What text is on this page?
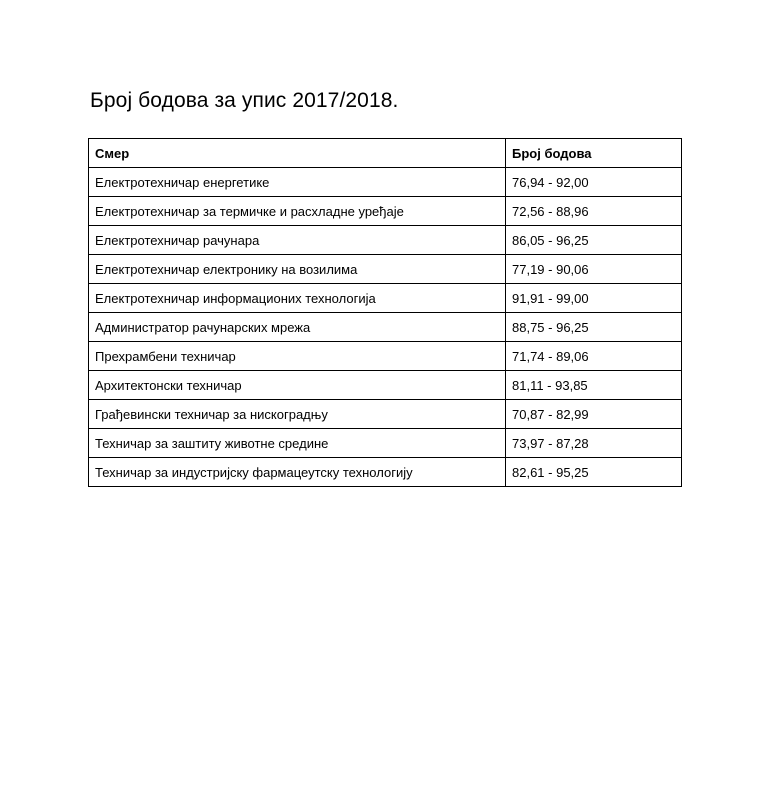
Број бодова за упис 2017/2018.
Смер	Број бодова
Електротехничар енергетике	76,94 - 92,00
Електротехничар за термичке и расхладне уређаје	72,56 - 88,96
Електротехничар рачунара	86,05 - 96,25
Електротехничар електронику на возилима	77,19 - 90,06
Електротехничар информационих технологија	91,91 - 99,00
Администратор рачунарских мрежа	88,75 - 96,25
Прехрамбени техничар	71,74 - 89,06
Архитектонски техничар	81,11 - 93,85
Грађевински техничар за нискоградњу	70,87 - 82,99
Техничар за заштиту животне средине	73,97 - 87,28
Техничар за индустријску фармацеутску технологију	82,61 - 95,25
